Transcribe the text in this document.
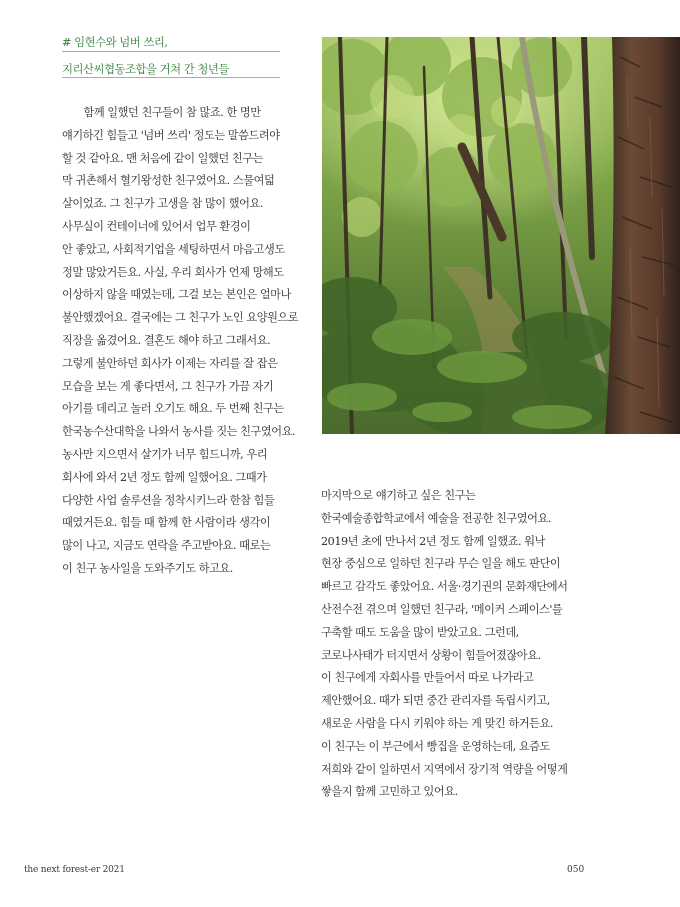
# 임현수와 넘버 쓰리,
지리산씨협동조합을 거쳐 간 청년들
　　함께 일했던 친구들이 참 많죠. 한 명만
얘기하긴 힘들고 '넘버 쓰리' 정도는 말씀드려야
할 것 같아요. 맨 처음에 같이 일했던 친구는
막 귀촌해서 혈기왕성한 친구였어요. 스물여덟
살이었죠. 그 친구가 고생을 참 많이 했어요.
사무실이 컨테이너에 있어서 업무 환경이
안 좋았고, 사회적기업을 세팅하면서 마음고생도
정말 많았거든요. 사실, 우리 회사가 언제 망해도
이상하지 않을 때였는데, 그걸 보는 본인은 얼마나
불안했겠어요. 결국에는 그 친구가 노인 요양원으로
직장을 옮겼어요. 결혼도 해야 하고 그래서요.
그렇게 불안하던 회사가 이제는 자리를 잘 잡은
모습을 보는 게 좋다면서, 그 친구가 가끔 자기
아기를 데리고 놀러 오기도 해요. 두 번째 친구는
한국농수산대학을 나와서 농사를 짓는 친구였어요.
농사만 지으면서 살기가 너무 힘드니까, 우리
회사에 와서 2년 정도 함께 일했어요. 그때가
다양한 사업 솔루션을 정착시키느라 한참 힘들
때였거든요. 힘들 때 함께 한 사람이라 생각이
많이 나고, 지금도 연락을 주고받아요. 때로는
이 친구 농사일을 도와주기도 하고요.
마지막으로 얘기하고 싶은 친구는
한국예술종합학교에서 예술을 전공한 친구였어요.
2019년 초에 만나서 2년 정도 함께 일했죠. 워낙
현장 중심으로 일하던 친구라 무슨 일을 해도 판단이
빠르고 감각도 좋았어요. 서울·경기권의 문화재단에서
산전수전 겪으며 일했던 친구라, '메이커 스페이스'를
구축할 때도 도움을 많이 받았고요. 그런데,
코로나사태가 터지면서 상황이 힘들어졌잖아요.
이 친구에게 자회사를 만들어서 따로 나가라고
제안했어요. 때가 되면 중간 관리자를 독립시키고,
새로운 사람을 다시 키워야 하는 게 맞긴 하거든요.
이 친구는 이 부근에서 빵집을 운영하는데, 요즘도
저희와 같이 일하면서 지역에서 장기적 역량을 어떻게
쌓을지 함께 고민하고 있어요.
the next forest-er 2021	050
